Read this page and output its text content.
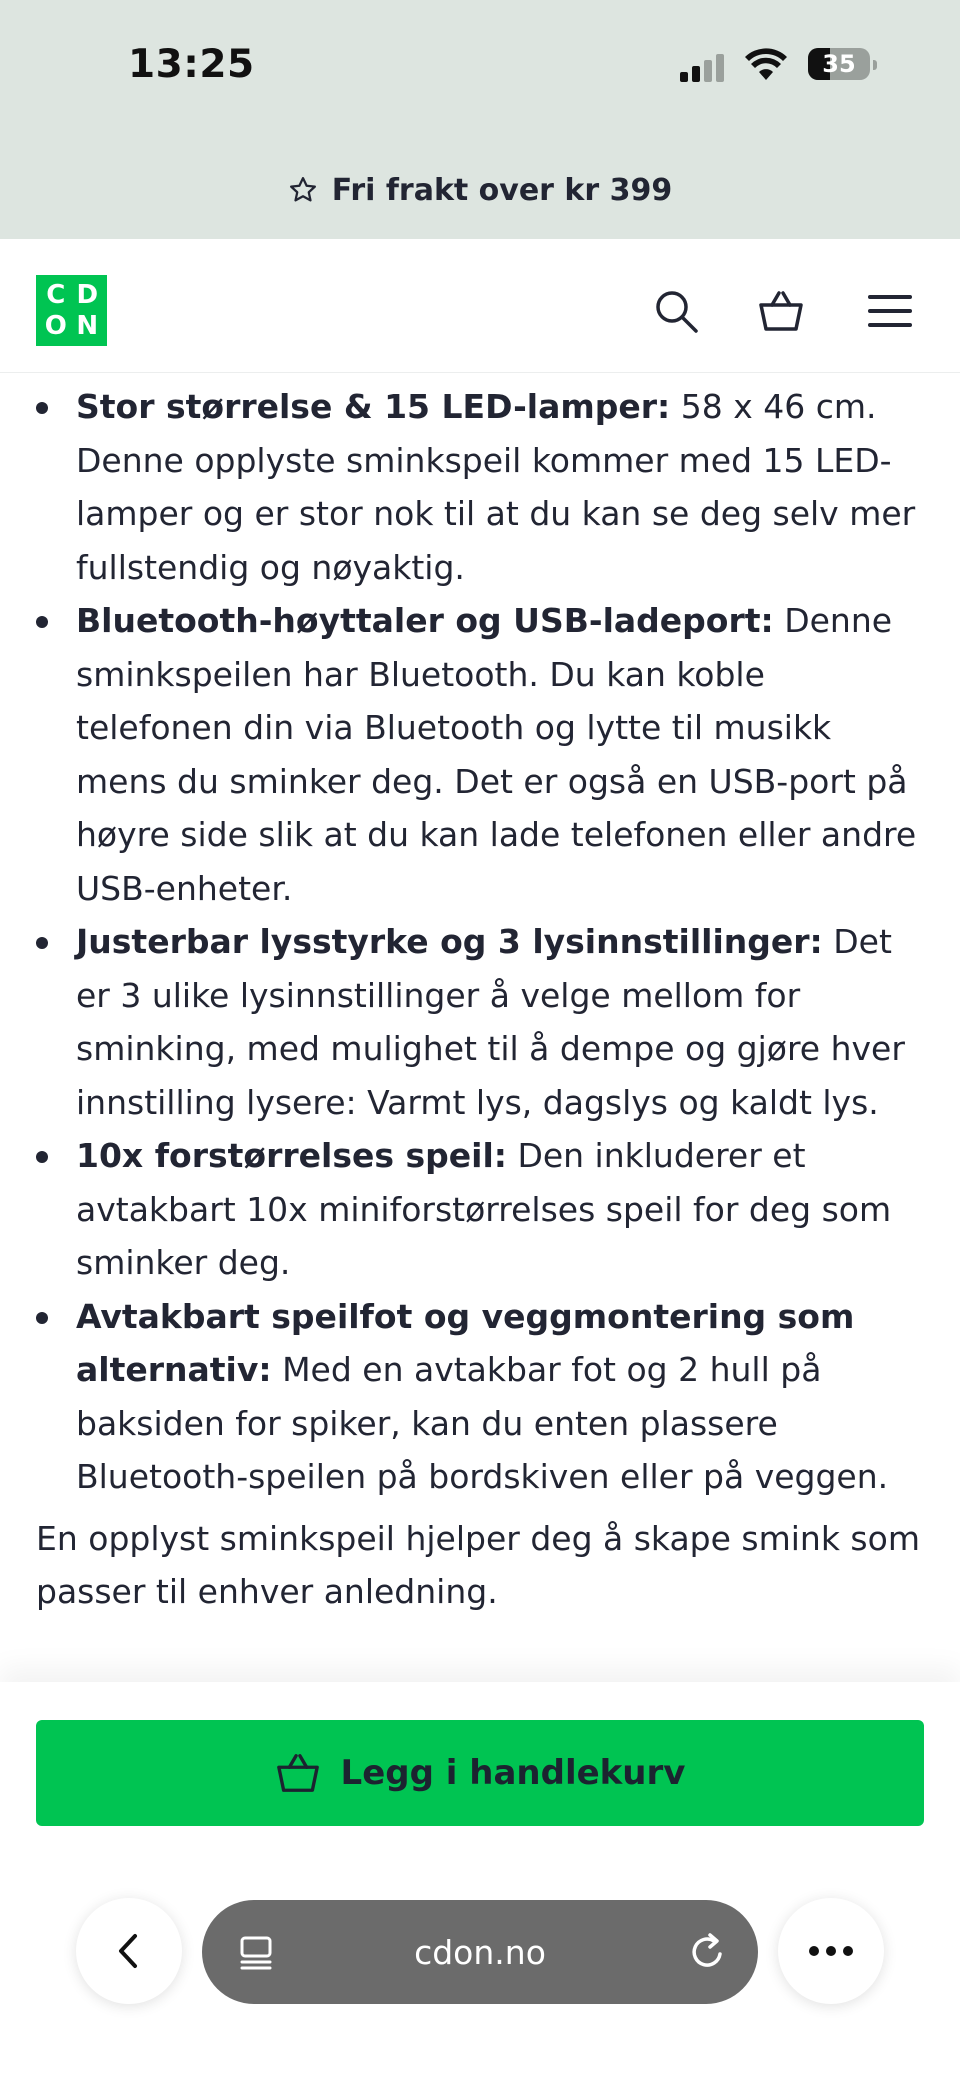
13:25	35
Fri frakt over kr 399
C D
O N
Stor størrelse & 15 LED-lamper: 58 x 46 cm. Denne opplyste sminkspeil kommer med 15 LED-lamper og er stor nok til at du kan se deg selv mer fullstendig og nøyaktig.
Bluetooth-høyttaler og USB-ladeport: Denne sminkspeilen har Bluetooth. Du kan koble telefonen din via Bluetooth og lytte til musikk mens du sminker deg. Det er også en USB-port på høyre side slik at du kan lade telefonen eller andre USB-enheter.
Justerbar lysstyrke og 3 lysinnstillinger: Det er 3 ulike lysinnstillinger å velge mellom for sminking, med mulighet til å dempe og gjøre hver innstilling lysere: Varmt lys, dagslys og kaldt lys.
10x forstørrelses speil: Den inkluderer et avtakbart 10x miniforstørrelses speil for deg som sminker deg.
Avtakbart speilfot og veggmontering som alternativ: Med en avtakbar fot og 2 hull på baksiden for spiker, kan du enten plassere Bluetooth-speilen på bordskiven eller på veggen.

En opplyst sminkspeil hjelper deg å skape smink som passer til enhver anledning.

Legg i handlekurv
cdon.no
